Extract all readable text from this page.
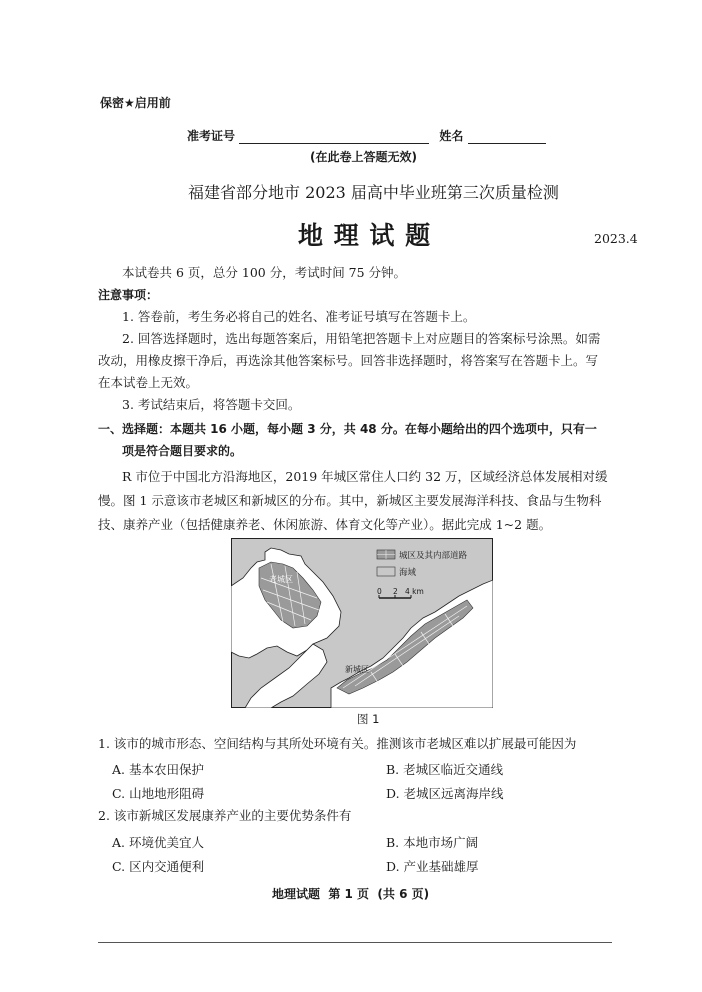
保密★启用前
准考证号	姓名
(在此卷上答题无效)
福建省部分地市 2023 届高中毕业班第三次质量检测
地 理 试 题	2023.4
本试卷共 6 页，总分 100 分，考试时间 75 分钟。
注意事项：
1. 答卷前，考生务必将自己的姓名、准考证号填写在答题卡上。
2. 回答选择题时，选出每题答案后，用铅笔把答题卡上对应题目的答案标号涂黑。如需
改动，用橡皮擦干净后，再选涂其他答案标号。回答非选择题时，将答案写在答题卡上。写
在本试卷上无效。
3. 考试结束后，将答题卡交回。
一、选择题：本题共 16 小题，每小题 3 分，共 48 分。在每小题给出的四个选项中，只有一
项是符合题目要求的。
R 市位于中国北方沿海地区，2019 年城区常住人口约 32 万，区域经济总体发展相对缓
慢。图 1 示意该市老城区和新城区的分布。其中，新城区主要发展海洋科技、食品与生物科
技、康养产业（包括健康养老、休闲旅游、体育文化等产业）。据此完成 1~2 题。
老城区
新城区
城区及其内部道路
海域
0 2 4 km
图 1
1. 该市的城市形态、空间结构与其所处环境有关。推测该市老城区难以扩展最可能因为
A. 基本农田保护	B. 老城区临近交通线
C. 山地地形阻碍	D. 老城区远离海岸线
2. 该市新城区发展康养产业的主要优势条件有
A. 环境优美宜人	B. 本地市场广阔
C. 区内交通便利	D. 产业基础雄厚
地理试题  第 1 页  (共 6 页)
